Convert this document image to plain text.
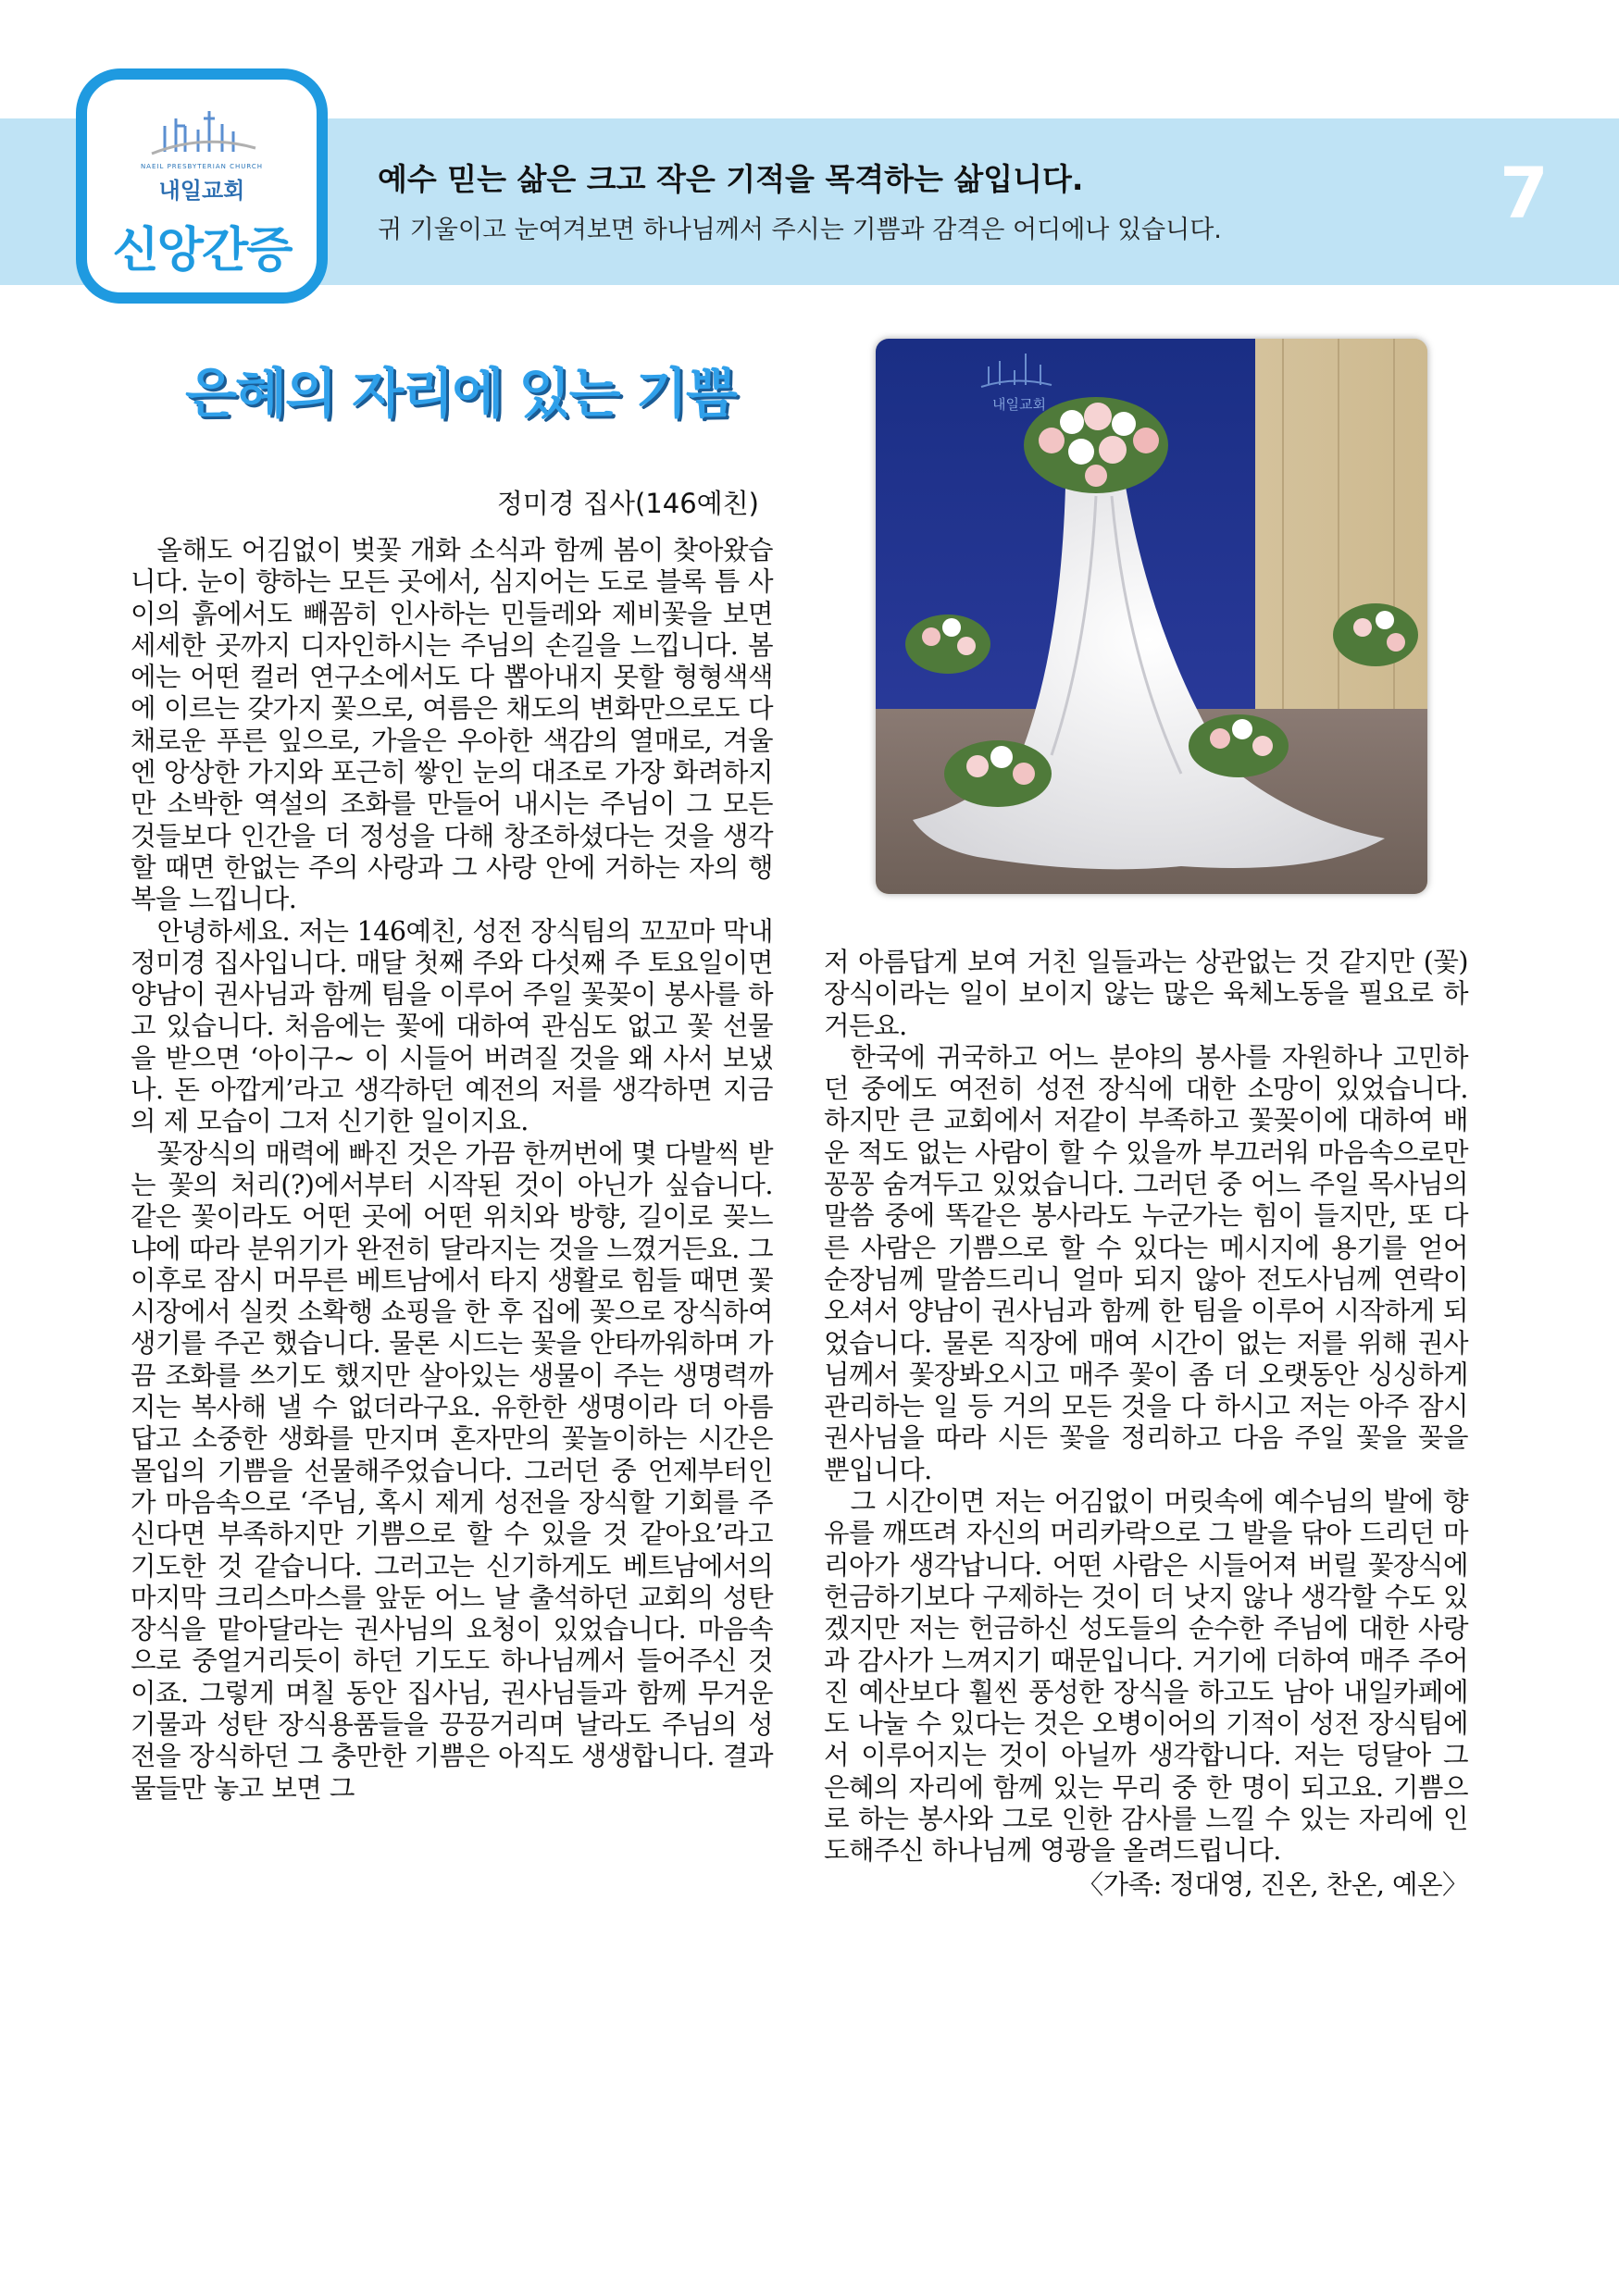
NAEIL PRESBYTERIAN CHURCH
내일교회
신앙간증
예수 믿는 삶은 크고 작은 기적을 목격하는 삶입니다.
귀 기울이고 눈여겨보면 하나님께서 주시는 기쁨과 감격은 어디에나 있습니다.	7
은혜의 자리에 있는 기쁨
정미경 집사(146예친)
내일교회

올해도 어김없이 벚꽃 개화 소식과 함께 봄이 찾아왔습니다. 눈이 향하는 모든 곳에서, 심지어는 도로 블록 틈 사이의 흙에서도 빼꼼히 인사하는 민들레와 제비꽃을 보면 세세한 곳까지 디자인하시는 주님의 손길을 느낍니다. 봄에는 어떤 컬러 연구소에서도 다 뽑아내지 못할 형형색색에 이르는 갖가지 꽃으로, 여름은 채도의 변화만으로도 다채로운 푸른 잎으로, 가을은 우아한 색감의 열매로, 겨울엔 앙상한 가지와 포근히 쌓인 눈의 대조로 가장 화려하지만 소박한 역설의 조화를 만들어 내시는 주님이 그 모든 것들보다 인간을 더 정성을 다해 창조하셨다는 것을 생각할 때면 한없는 주의 사랑과 그 사랑 안에 거하는 자의 행복을 느낍니다.

안녕하세요. 저는 146예친, 성전 장식팀의 꼬꼬마 막내 정미경 집사입니다. 매달 첫째 주와 다섯째 주 토요일이면 양남이 권사님과 함께 팀을 이루어 주일 꽃꽂이 봉사를 하고 있습니다. 처음에는 꽃에 대하여 관심도 없고 꽃 선물을 받으면 ‘아이구~ 이 시들어 버려질 것을 왜 사서 보냈나. 돈 아깝게’라고 생각하던 예전의 저를 생각하면 지금의 제 모습이 그저 신기한 일이지요.

꽃장식의 매력에 빠진 것은 가끔 한꺼번에 몇 다발씩 받는 꽃의 처리(?)에서부터 시작된 것이 아닌가 싶습니다. 같은 꽃이라도 어떤 곳에 어떤 위치와 방향, 길이로 꽂느냐에 따라 분위기가 완전히 달라지는 것을 느꼈거든요. 그 이후로 잠시 머무른 베트남에서 타지 생활로 힘들 때면 꽃시장에서 실컷 소확행 쇼핑을 한 후 집에 꽃으로 장식하여 생기를 주곤 했습니다. 물론 시드는 꽃을 안타까워하며 가끔 조화를 쓰기도 했지만 살아있는 생물이 주는 생명력까지는 복사해 낼 수 없더라구요. 유한한 생명이라 더 아름답고 소중한 생화를 만지며 혼자만의 꽃놀이하는 시간은 몰입의 기쁨을 선물해주었습니다. 그러던 중 언제부터인가 마음속으로 ‘주님, 혹시 제게 성전을 장식할 기회를 주신다면 부족하지만 기쁨으로 할 수 있을 것 같아요’라고 기도한 것 같습니다. 그러고는 신기하게도 베트남에서의 마지막 크리스마스를 앞둔 어느 날 출석하던 교회의 성탄 장식을 맡아달라는 권사님의 요청이 있었습니다. 마음속으로 중얼거리듯이 하던 기도도 하나님께서 들어주신 것이죠. 그렇게 며칠 동안 집사님, 권사님들과 함께 무거운 기물과 성탄 장식용품들을 끙끙거리며 날라도 주님의 성전을 장식하던 그 충만한 기쁨은 아직도 생생합니다. 결과물들만 놓고 보면 그

저 아름답게 보여 거친 일들과는 상관없는 것 같지만 (꽃)장식이라는 일이 보이지 않는 많은 육체노동을 필요로 하거든요.

한국에 귀국하고 어느 분야의 봉사를 자원하나 고민하던 중에도 여전히 성전 장식에 대한 소망이 있었습니다. 하지만 큰 교회에서 저같이 부족하고 꽃꽂이에 대하여 배운 적도 없는 사람이 할 수 있을까 부끄러워 마음속으로만 꽁꽁 숨겨두고 있었습니다. 그러던 중 어느 주일 목사님의 말씀 중에 똑같은 봉사라도 누군가는 힘이 들지만, 또 다른 사람은 기쁨으로 할 수 있다는 메시지에 용기를 얻어 순장님께 말씀드리니 얼마 되지 않아 전도사님께 연락이 오셔서 양남이 권사님과 함께 한 팀을 이루어 시작하게 되었습니다. 물론 직장에 매여 시간이 없는 저를 위해 권사님께서 꽃장봐오시고 매주 꽃이 좀 더 오랫동안 싱싱하게 관리하는 일 등 거의 모든 것을 다 하시고 저는 아주 잠시 권사님을 따라 시든 꽃을 정리하고 다음 주일 꽃을 꽂을 뿐입니다.

그 시간이면 저는 어김없이 머릿속에 예수님의 발에 향유를 깨뜨려 자신의 머리카락으로 그 발을 닦아 드리던 마리아가 생각납니다. 어떤 사람은 시들어져 버릴 꽃장식에 헌금하기보다 구제하는 것이 더 낫지 않나 생각할 수도 있겠지만 저는 헌금하신 성도들의 순수한 주님에 대한 사랑과 감사가 느껴지기 때문입니다. 거기에 더하여 매주 주어진 예산보다 훨씬 풍성한 장식을 하고도 남아 내일카페에도 나눌 수 있다는 것은 오병이어의 기적이 성전 장식팀에서 이루어지는 것이 아닐까 생각합니다. 저는 덩달아 그 은혜의 자리에 함께 있는 무리 중 한 명이 되고요. 기쁨으로 하는 봉사와 그로 인한 감사를 느낄 수 있는 자리에 인도해주신 하나님께 영광을 올려드립니다.

〈가족: 정대영, 진온, 찬온, 예온〉
